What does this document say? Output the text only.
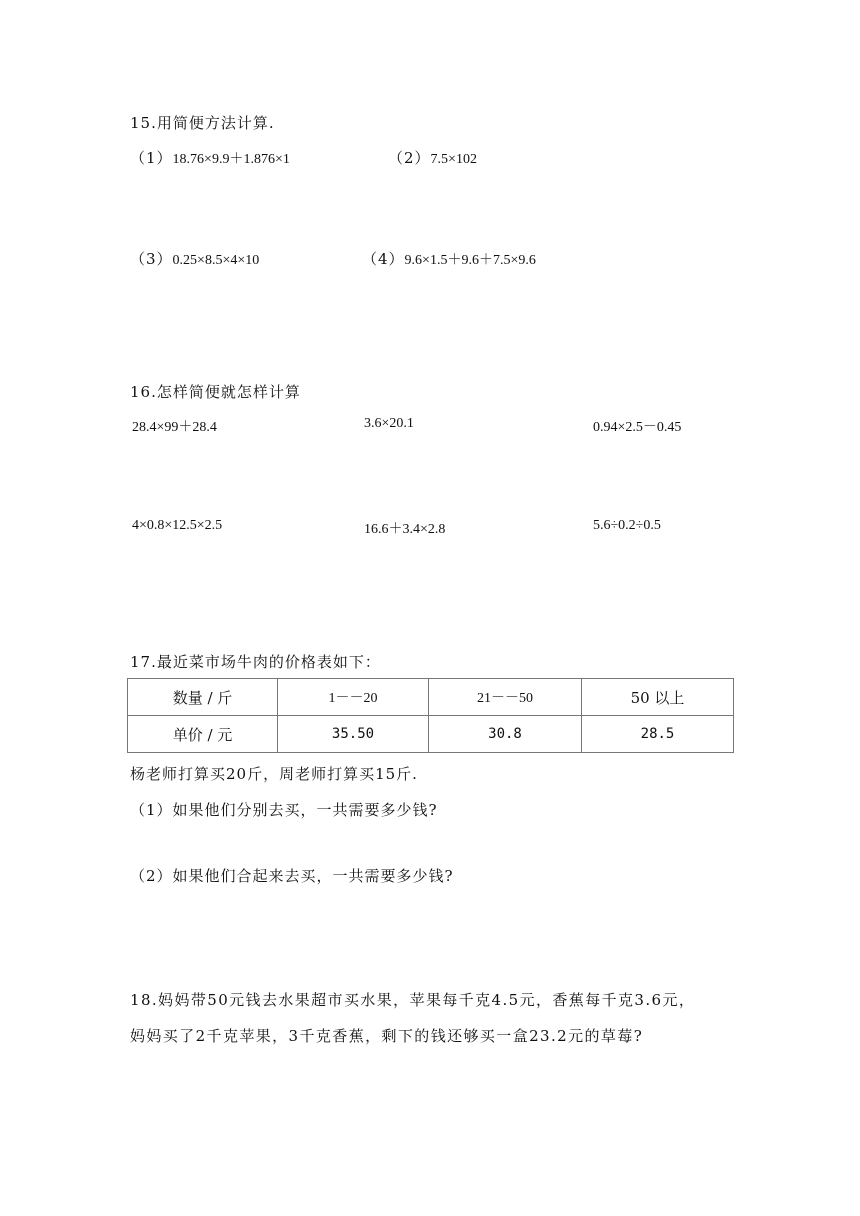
15.用简便方法计算.
（1）18.76×9.9＋1.876×1	（2）7.5×102
（3）0.25×8.5×4×10	（4）9.6×1.5＋9.6＋7.5×9.6
16.怎样简便就怎样计算
28.4×99＋28.4	3.6×20.1	0.94×2.5－0.45
4×0.8×12.5×2.5	16.6＋3.4×2.8	5.6÷0.2÷0.5
17.最近菜市场牛肉的价格表如下：
数量 / 斤	1－－20	21－－50	50 以上
单价 / 元	35.50	30.8	28.5
杨老师打算买20斤，周老师打算买15斤.
（1）如果他们分别去买，一共需要多少钱?
（2）如果他们合起来去买，一共需要多少钱?
18.妈妈带50元钱去水果超市买水果，苹果每千克4.5元，香蕉每千克3.6元，
妈妈买了2千克苹果，3千克香蕉，剩下的钱还够买一盒23.2元的草莓?
